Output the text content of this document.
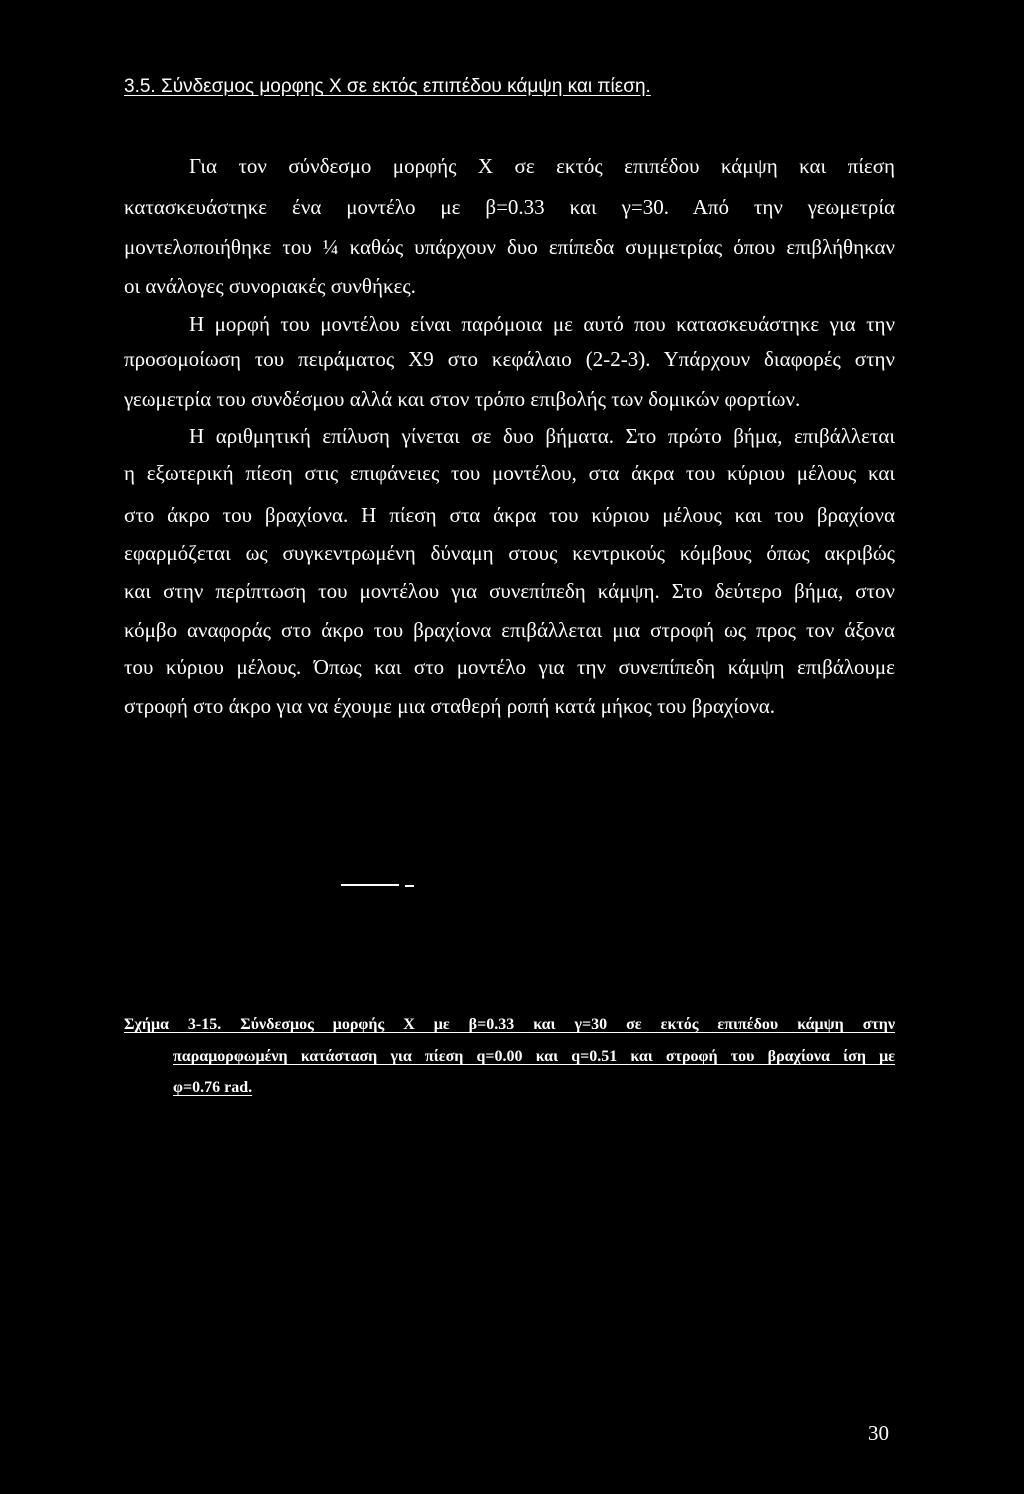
3.5. Σύνδεσμος μορφης Χ σε εκτός επιπέδου κάμψη και πίεση.

Για τον σύνδεσμο μορφής Χ σε εκτός επιπέδου κάμψη και πίεση

κατασκευάστηκε ένα μοντέλο με β=0.33 και γ=30. Από την γεωμετρία

μοντελοποιήθηκε του ¼ καθώς υπάρχουν δυο επίπεδα συμμετρίας όπου επιβλήθηκαν

οι ανάλογες συνοριακές συνθήκες.

Η μορφή του μοντέλου είναι παρόμοια με αυτό που κατασκευάστηκε για την

προσομοίωση του πειράματος Χ9 στο κεφάλαιο (2-2-3). Υπάρχουν διαφορές στην

γεωμετρία του συνδέσμου αλλά και στον τρόπο επιβολής των δομικών φορτίων.

Η αριθμητική επίλυση γίνεται σε δυο βήματα. Στο πρώτο βήμα, επιβάλλεται

η εξωτερική πίεση στις επιφάνειες του μοντέλου, στα άκρα του κύριου μέλους και

στο άκρο του βραχίονα. Η πίεση στα άκρα του κύριου μέλους και του βραχίονα

εφαρμόζεται ως συγκεντρωμένη δύναμη στους κεντρικούς κόμβους όπως ακριβώς

και στην περίπτωση του μοντέλου για συνεπίπεδη κάμψη. Στο δεύτερο βήμα, στον

κόμβο αναφοράς στο άκρο του βραχίονα επιβάλλεται μια στροφή ως προς τον άξονα

του κύριου μέλους. Όπως και στο μοντέλο για την συνεπίπεδη κάμψη επιβάλουμε

στροφή στο άκρο για να έχουμε μια σταθερή ροπή κατά μήκος του βραχίονα.

Σχήμα 3-15. Σύνδεσμος μορφής Χ με β=0.33 και γ=30 σε εκτός επιπέδου κάμψη στην

παραμορφωμένη κατάσταση για πίεση q=0.00 και q=0.51 και στροφή του βραχίονα ίση με

φ=0.76 rad.

30
